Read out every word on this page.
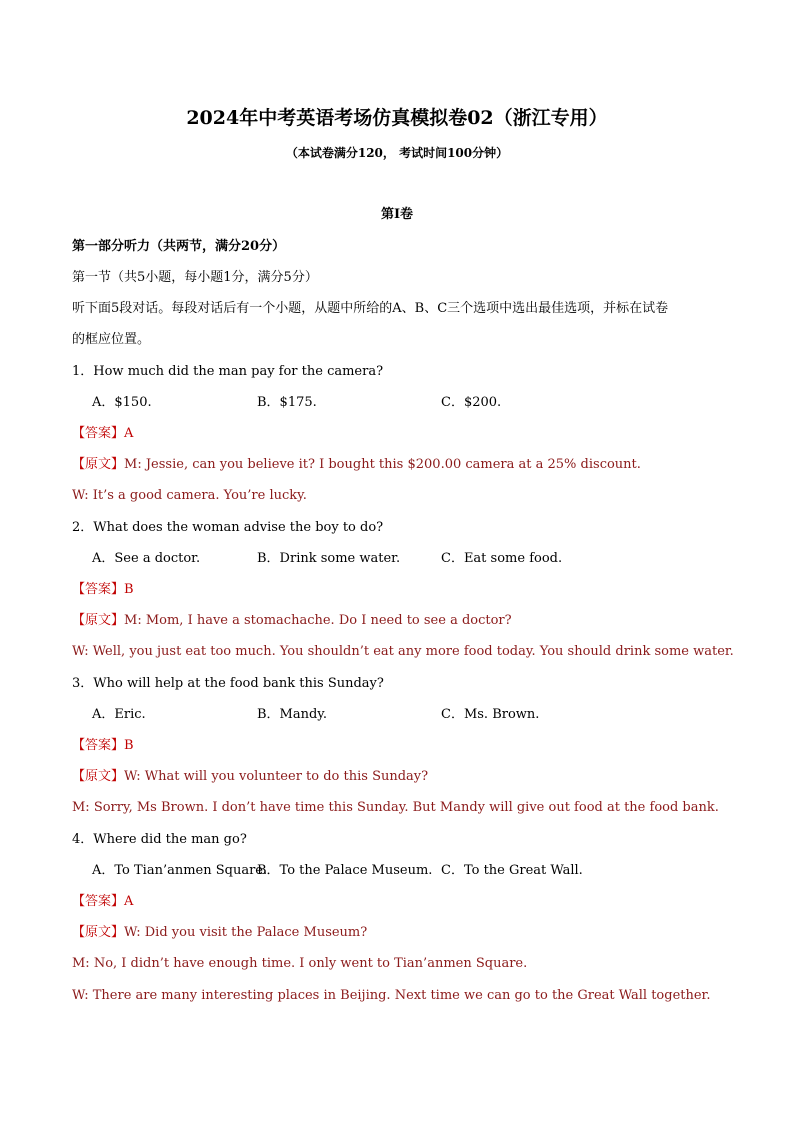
2024年中考英语考场仿真模拟卷02（浙江专用）
（本试卷满分120， 考试时间100分钟）
第I卷
第一部分听力（共两节，满分20分）
第一节（共5小题，每小题1分，满分5分）
听下面5段对话。每段对话后有一个小题，从题中所给的A、B、C三个选项中选出最佳选项，并标在试卷
的框应位置。
1．How much did the man pay for the camera?
A．$150.	B．$175.	C．$200.
【答案】A
【原文】M: Jessie, can you believe it? I bought this $200.00 camera at a 25% discount.
W: It’s a good camera. You’re lucky.
2．What does the woman advise the boy to do?
A．See a doctor.	B．Drink some water.	C．Eat some food.
【答案】B
【原文】M: Mom, I have a stomachache. Do I need to see a doctor?
W: Well, you just eat too much. You shouldn’t eat any more food today. You should drink some water.
3．Who will help at the food bank this Sunday?
A．Eric.	B．Mandy.	C．Ms. Brown.
【答案】B
【原文】W: What will you volunteer to do this Sunday?
M: Sorry, Ms Brown. I don’t have time this Sunday. But Mandy will give out food at the food bank.
4．Where did the man go?
A．To Tian’anmen Square.
B．To the Palace Museum. C．To the Great Wall.
【答案】A
【原文】W: Did you visit the Palace Museum?
M: No, I didn’t have enough time. I only went to Tian’anmen Square.
W: There are many interesting places in Beijing. Next time we can go to the Great Wall together.
